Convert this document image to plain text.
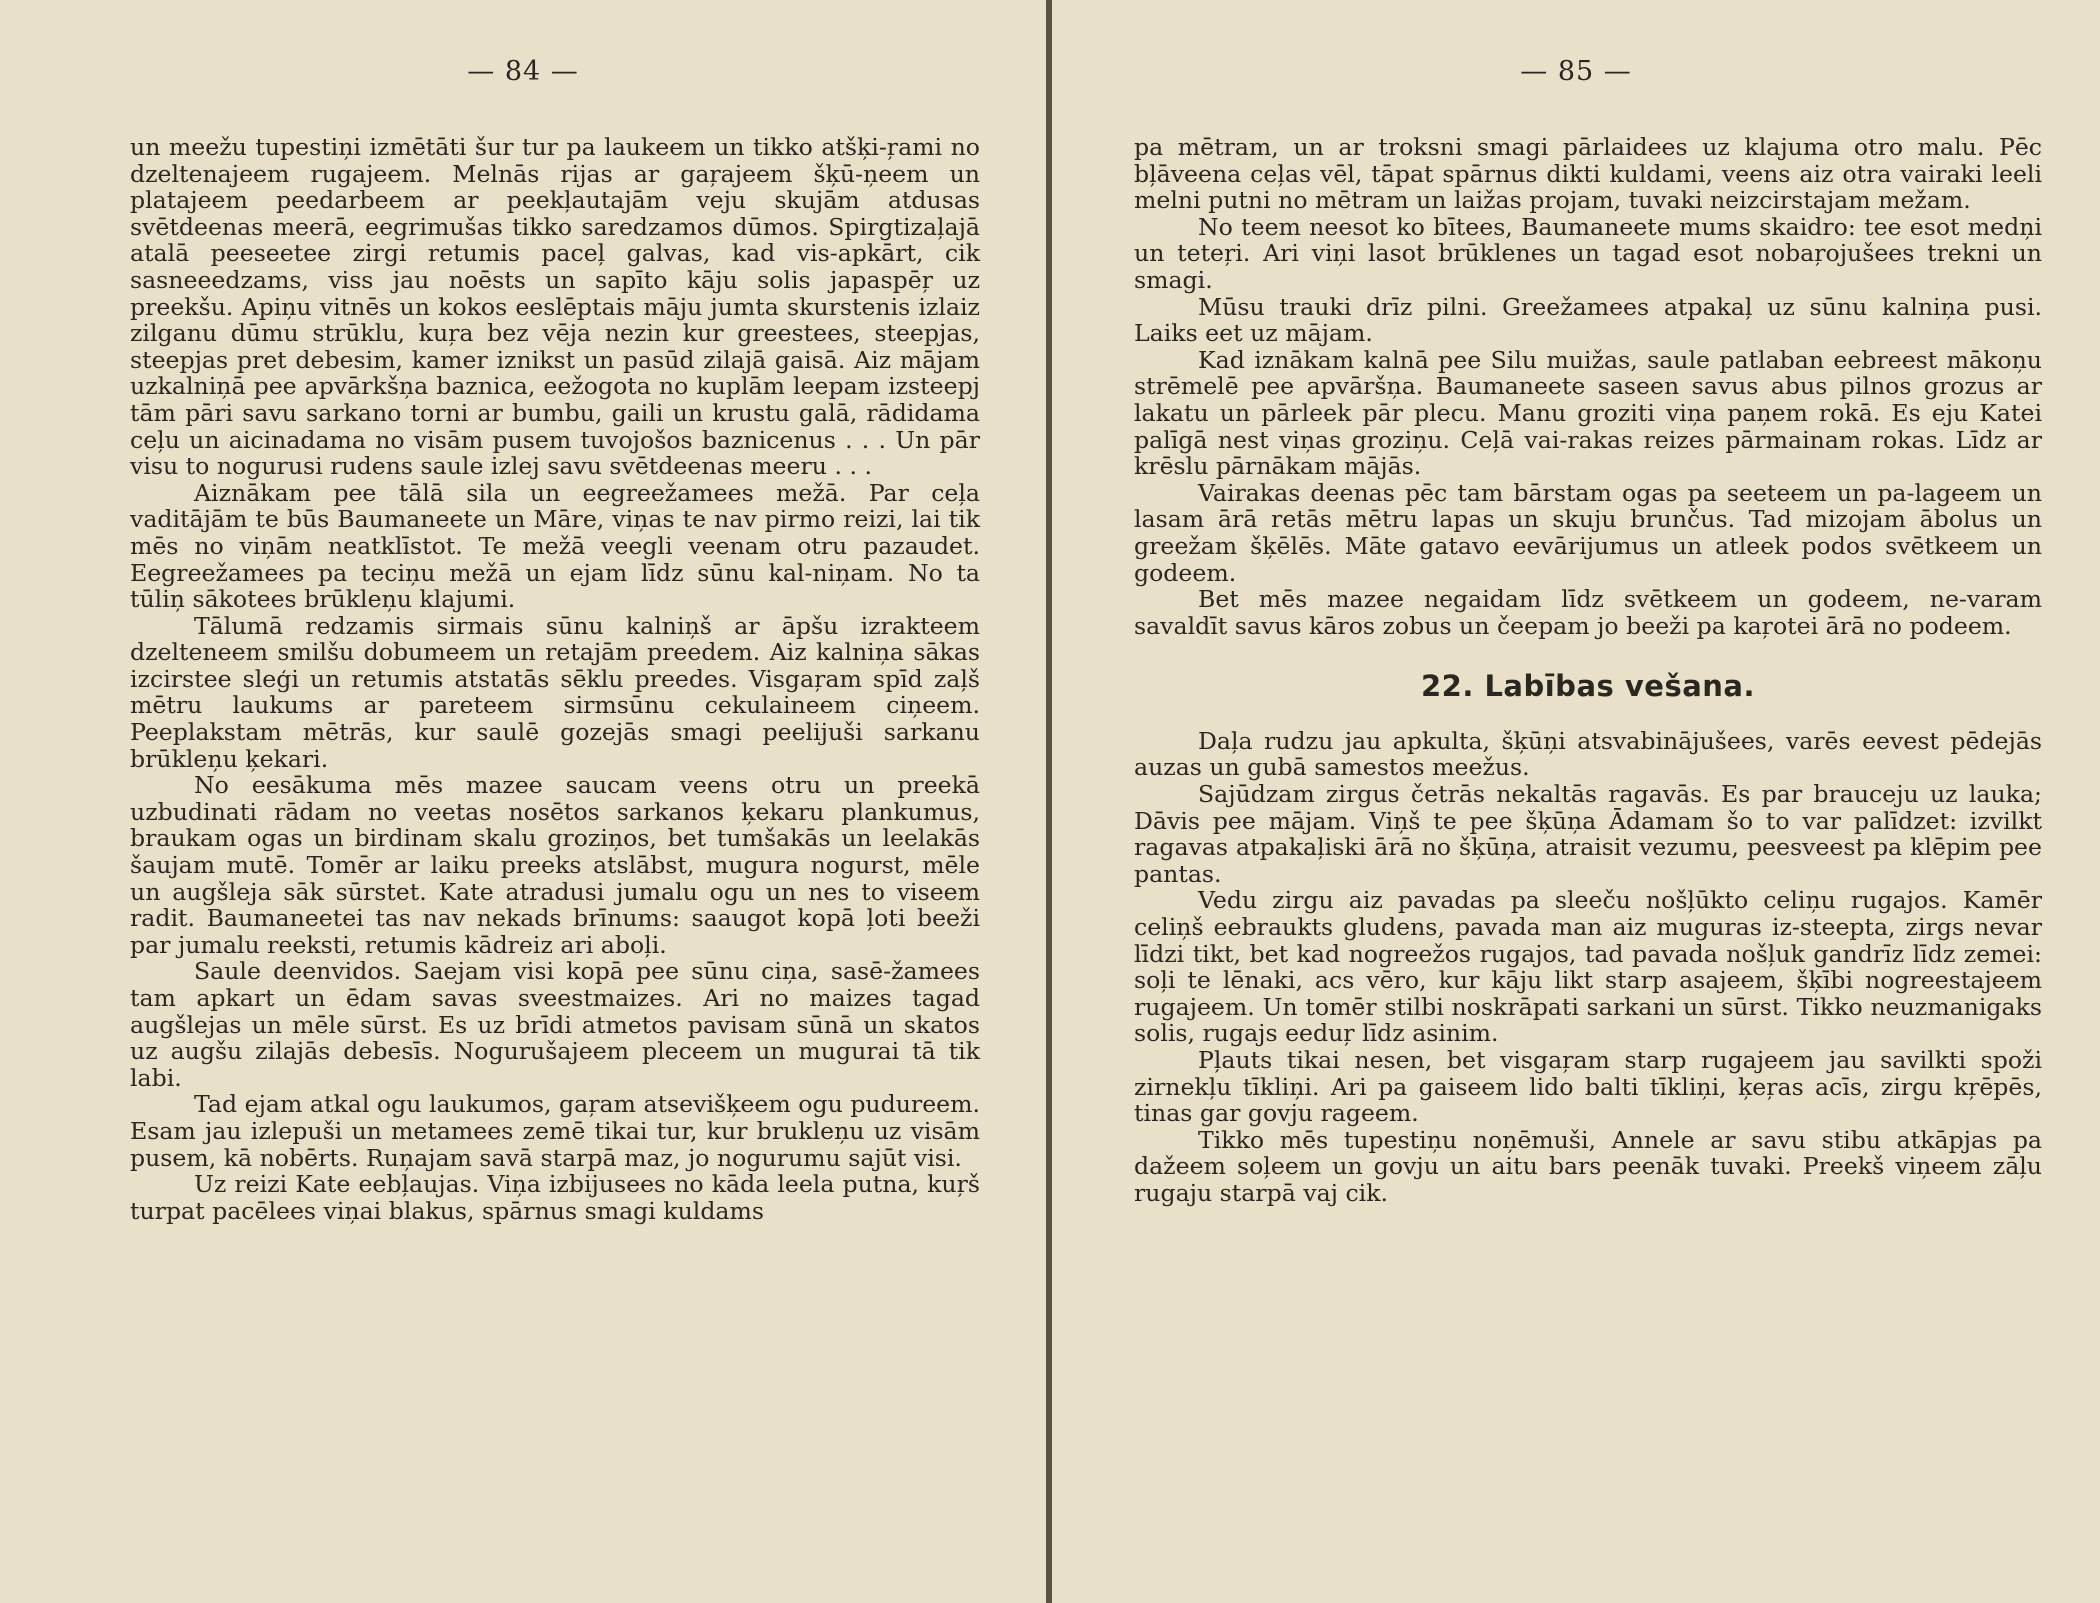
— 84 —

un meežu tupestiņi izmētāti šur tur pa laukeem un tikko atšķi-ŗami no dzeltenajeem rugajeem. Melnās rijas ar gaŗajeem šķū-ņeem un platajeem peedarbeem ar peekļautajām veju skujām atdusas svētdeenas meerā, eegrimušas tikko saredzamos dūmos. Spirgtizaļajā atalā peeseetee zirgi retumis paceļ galvas, kad vis-apkārt, cik sasneeedzams, viss jau noēsts un sapīto kāju solis japaspēŗ uz preekšu. Apiņu vitnēs un kokos eeslēptais māju jumta skurstenis izlaiz zilganu dūmu strūklu, kuŗa bez vēja nezin kur greestees, steepjas, steepjas pret debesim, kamer iznikst un pasūd zilajā gaisā. Aiz mājam uzkalniņā pee apvārkšņa baznica, eežogota no kuplām leepam izsteepj tām pāri savu sarkano torni ar bumbu, gaili un krustu galā, rādidama ceļu un aicinadama no visām pusem tuvojošos baznicenus . . . Un pār visu to nogurusi rudens saule izlej savu svētdeenas meeru . . .

Aiznākam pee tālā sila un eegreežamees mežā. Par ceļa vaditājām te būs Baumaneete un Māre, viņas te nav pirmo reizi, lai tik mēs no viņām neatklīstot. Te mežā veegli veenam otru pazaudet. Eegreežamees pa teciņu mežā un ejam līdz sūnu kal-niņam. No ta tūliņ sākotees brūkleņu klajumi.

Tālumā redzamis sirmais sūnu kalniņš ar āpšu izrakteem dzelteneem smilšu dobumeem un retajām preedem. Aiz kalniņa sākas izcirstee sleģi un retumis atstatās sēklu preedes. Visgaŗam spīd zaļš mētru laukums ar pareteem sirmsūnu cekulaineem ciņeem. Peeplakstam mētrās, kur saulē gozejās smagi peelijuši sarkanu brūkleņu ķekari.

No eesākuma mēs mazee saucam veens otru un preekā uzbudinati rādam no veetas nosētos sarkanos ķekaru plankumus, braukam ogas un birdinam skalu groziņos, bet tumšakās un leelakās šaujam mutē. Tomēr ar laiku preeks atslābst, mugura nogurst, mēle un augšleja sāk sūrstet. Kate atradusi jumalu ogu un nes to viseem radit. Baumaneetei tas nav nekads brīnums: saaugot kopā ļoti beeži par jumalu reeksti, retumis kādreiz ari aboļi.

Saule deenvidos. Saejam visi kopā pee sūnu ciņa, sasē-žamees tam apkart un ēdam savas sveestmaizes. Ari no maizes tagad augšlejas un mēle sūrst. Es uz brīdi atmetos pavisam sūnā un skatos uz augšu zilajās debesīs. Nogurušajeem pleceem un mugurai tā tik labi.

Tad ejam atkal ogu laukumos, gaŗam atsevišķeem ogu pudureem. Esam jau izlepuši un metamees zemē tikai tur, kur brukleņu uz visām pusem, kā nobērts. Ruņajam savā starpā maz, jo nogurumu sajūt visi.

Uz reizi Kate eebļaujas. Viņa izbijusees no kāda leela putna, kuŗš turpat pacēlees viņai blakus, spārnus smagi kuldams

— 85 —

pa mētram, un ar troksni smagi pārlaidees uz klajuma otro malu. Pēc bļāveena ceļas vēl, tāpat spārnus dikti kuldami, veens aiz otra vairaki leeli melni putni no mētram un laižas projam, tuvaki neizcirstajam mežam.

No teem neesot ko bītees, Baumaneete mums skaidro: tee esot medņi un teteŗi. Ari viņi lasot brūklenes un tagad esot nobaŗojušees trekni un smagi.

Mūsu trauki drīz pilni. Greežamees atpakaļ uz sūnu kalniņa pusi. Laiks eet uz mājam.

Kad iznākam kalnā pee Silu muižas, saule patlaban eebreest mākoņu strēmelē pee apvāršņa. Baumaneete saseen savus abus pilnos grozus ar lakatu un pārleek pār plecu. Manu groziti viņa paņem rokā. Es eju Katei palīgā nest viņas groziņu. Ceļā vai-rakas reizes pārmainam rokas. Līdz ar krēslu pārnākam mājās.

Vairakas deenas pēc tam bārstam ogas pa seeteem un pa-lageem un lasam ārā retās mētru lapas un skuju brunčus. Tad mizojam ābolus un greežam šķēlēs. Māte gatavo eevārijumus un atleek podos svētkeem un godeem.

Bet mēs mazee negaidam līdz svētkeem un godeem, ne-varam savaldīt savus kāros zobus un čeepam jo beeži pa kaŗotei ārā no podeem.

22. Labības vešana.

Daļa rudzu jau apkulta, šķūņi atsvabinājušees, varēs eevest pēdejās auzas un gubā samestos meežus.

Sajūdzam zirgus četrās nekaltās ragavās. Es par brauceju uz lauka; Dāvis pee mājam. Viņš te pee šķūņa Ādamam šo to var palīdzet: izvilkt ragavas atpakaļiski ārā no šķūņa, atraisit vezumu, peesveest pa klēpim pee pantas.

Vedu zirgu aiz pavadas pa sleeču nošļūkto celiņu rugajos. Kamēr celiņš eebraukts gludens, pavada man aiz muguras iz-steepta, zirgs nevar līdzi tikt, bet kad nogreežos rugajos, tad pavada nošļuk gandrīz līdz zemei: soļi te lēnaki, acs vēro, kur kāju likt starp asajeem, šķībi nogreestajeem rugajeem. Un tomēr stilbi noskrāpati sarkani un sūrst. Tikko neuzmanigaks solis, rugajs eeduŗ līdz asinim.

Pļauts tikai nesen, bet visgaŗam starp rugajeem jau savilkti spoži zirnekļu tīkliņi. Ari pa gaiseem lido balti tīkliņi, ķeŗas acīs, zirgu kŗēpēs, tinas gar govju rageem.

Tikko mēs tupestiņu noņēmuši, Annele ar savu stibu atkāpjas pa dažeem soļeem un govju un aitu bars peenāk tuvaki. Preekš viņeem zāļu rugaju starpā vaj cik.
